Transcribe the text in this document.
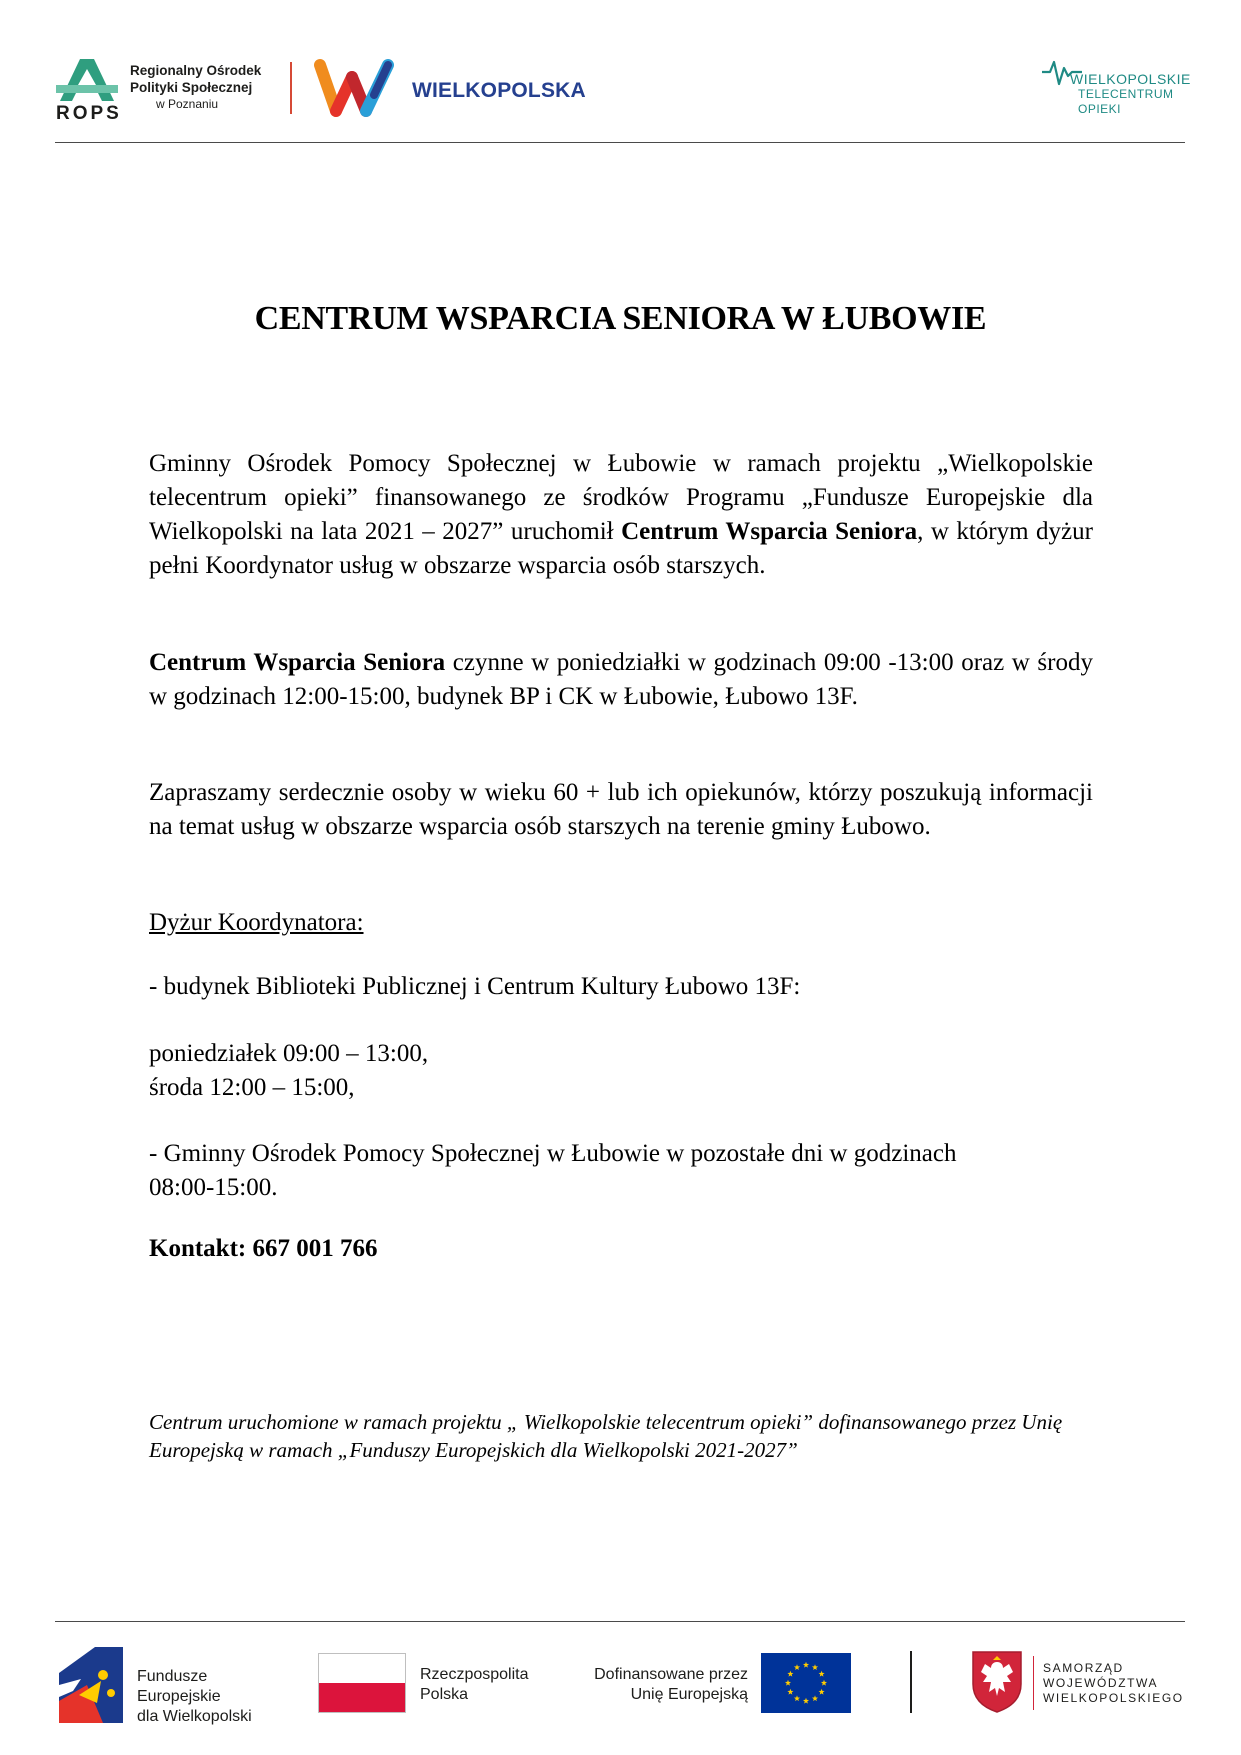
ROPS
Regionalny Ośrodek
Polityki Społecznej
w Poznaniu
WIELKOPOLSKA	WIELKOPOLSKIE
TELECENTRUM
OPIEKI
CENTRUM WSPARCIA SENIORA W ŁUBOWIE
Gminny Ośrodek Pomocy Społecznej w Łubowie w ramach projektu „Wielkopolskie telecentrum opieki” finansowanego ze środków Programu „Fundusze Europejskie dla Wielkopolski na lata 2021 – 2027” uruchomił Centrum Wsparcia Seniora, w którym dyżur pełni Koordynator usług w obszarze wsparcia osób starszych.
Centrum Wsparcia Seniora czynne w poniedziałki w godzinach 09:00 -13:00 oraz w środy w godzinach 12:00-15:00, budynek BP i CK w Łubowie, Łubowo 13F.
Zapraszamy serdecznie osoby w wieku 60 + lub ich opiekunów, którzy poszukują informacji na temat usług w obszarze wsparcia osób starszych na terenie gminy Łubowo.
Dyżur Koordynatora:
- budynek Biblioteki Publicznej i Centrum Kultury Łubowo 13F:
poniedziałek 09:00 – 13:00,
środa 12:00 – 15:00,
- Gminny Ośrodek Pomocy Społecznej w Łubowie w pozostałe dni w godzinach 08:00-15:00.
Kontakt: 667 001 766
Centrum uruchomione w ramach projektu „ Wielkopolskie telecentrum opieki” dofinansowanego przez Unię Europejską w ramach „Funduszy Europejskich dla Wielkopolski 2021-2027”
Fundusze Europejskie
dla Wielkopolski
Rzeczpospolita
Polska
Dofinansowane przez
Unię Europejską
SAMORZĄD
WOJEWÓDZTWA
WIELKOPOLSKIEGO
